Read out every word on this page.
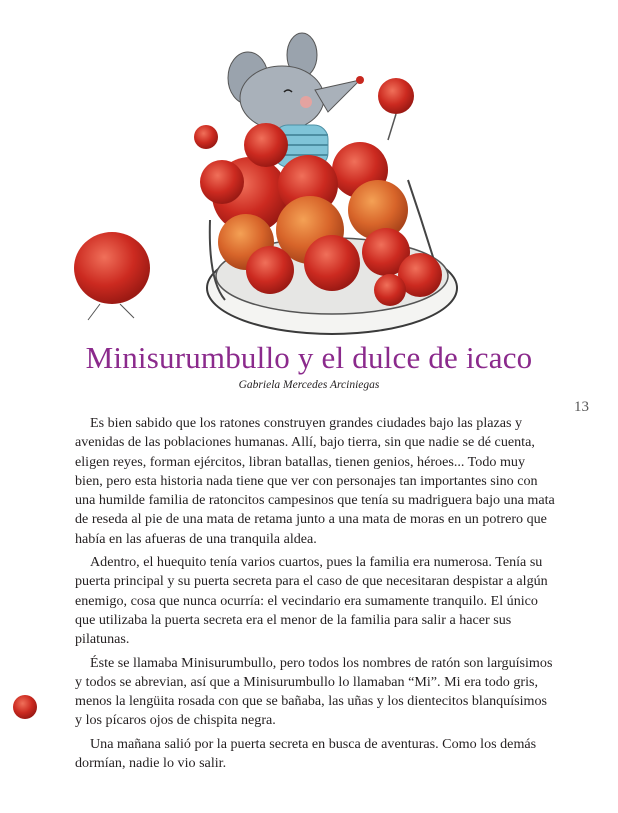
Minisurumbullo y el dulce de icaco

Gabriela Mercedes Arciniegas

13

Es bien sabido que los ratones construyen grandes ciudades bajo las plazas y avenidas de las poblaciones humanas. Allí, bajo tierra, sin que nadie se dé cuenta, eligen reyes, forman ejércitos, libran batallas, tienen genios, héroes... Todo muy bien, pero esta historia nada tiene que ver con personajes tan importantes sino con una humilde familia de ratoncitos campesinos que tenía su madriguera bajo una mata de reseda al pie de una mata de retama junto a una mata de moras en un potrero que había en las afueras de una tranquila aldea.

Adentro, el huequito tenía varios cuartos, pues la familia era numerosa. Tenía su puerta principal y su puerta secreta para el caso de que necesitaran despistar a algún enemigo, cosa que nunca ocurría: el vecindario era sumamente tranquilo. El único que utilizaba la puerta secreta era el menor de la familia para salir a hacer sus pilatunas.

Éste se llamaba Minisurumbullo, pero todos los nombres de ratón son larguísimos y todos se abrevian, así que a Minisurumbullo lo llamaban “Mi”. Mi era todo gris, menos la lengüita rosada con que se bañaba, las uñas y los dientecitos blanquísimos y los pícaros ojos de chispita negra.

Una mañana salió por la puerta secreta en busca de aventuras. Como los demás dormían, nadie lo vio salir.
